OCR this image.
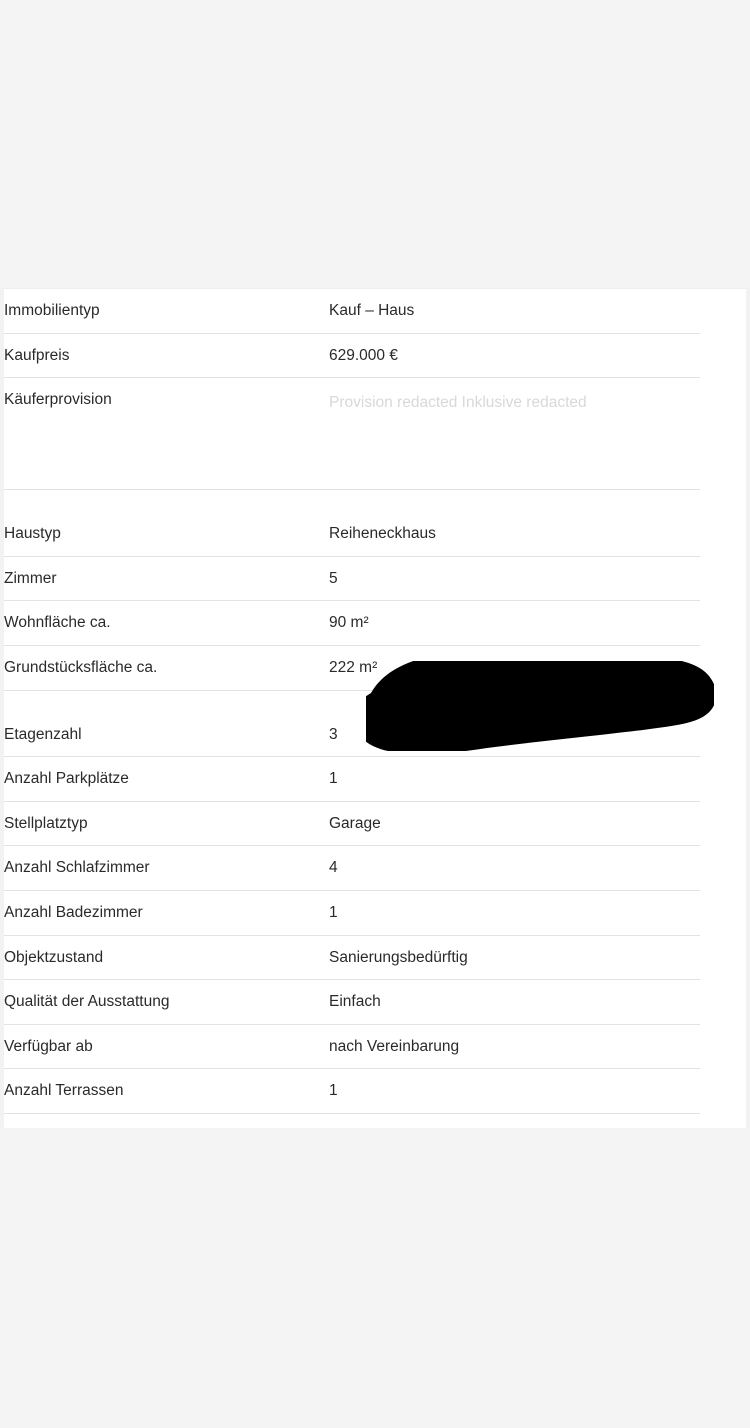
Immobilientyp	Kauf – Haus
Kaufpreis	629.000 €
Käuferprovision	Provision redacted Inklusive redacted
Haustyp	Reiheneckhaus
Zimmer	5
Wohnfläche ca.	90 m²
Grundstücksfläche ca.	222 m²
Etagenzahl	3
Anzahl Parkplätze	1
Stellplatztyp	Garage
Anzahl Schlafzimmer	4
Anzahl Badezimmer	1
Objektzustand	Sanierungsbedürftig
Qualität der Ausstattung	Einfach
Verfügbar ab	nach Vereinbarung
Anzahl Terrassen	1
